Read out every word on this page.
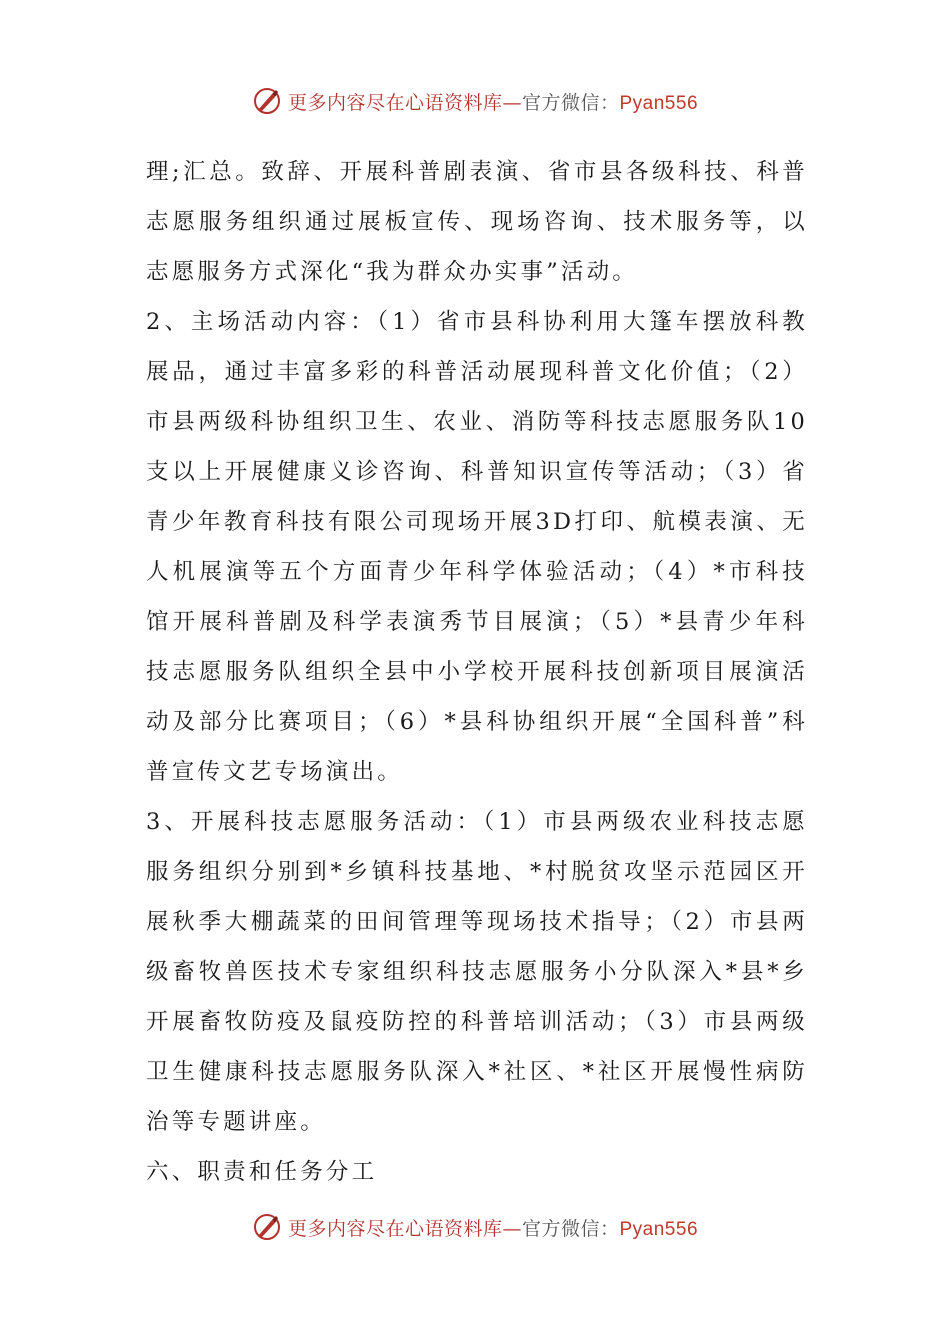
更多内容尽在心语资料库—官方微信：Pyan556

理;汇总。致辞、开展科普剧表演、省市县各级科技、科普志愿服务组织通过展板宣传、现场咨询、技术服务等，以志愿服务方式深化“我为群众办实事”活动。

2、主场活动内容：（1）省市县科协利用大篷车摆放科教展品，通过丰富多彩的科普活动展现科普文化价值；（2）市县两级科协组织卫生、农业、消防等科技志愿服务队10支以上开展健康义诊咨询、科普知识宣传等活动；（3）省青少年教育科技有限公司现场开展3D打印、航模表演、无人机展演等五个方面青少年科学体验活动；（4）*市科技馆开展科普剧及科学表演秀节目展演；（5）*县青少年科技志愿服务队组织全县中小学校开展科技创新项目展演活动及部分比赛项目；（6）*县科协组织开展“全国科普”科普宣传文艺专场演出。

3、开展科技志愿服务活动：（1）市县两级农业科技志愿服务组织分别到*乡镇科技基地、*村脱贫攻坚示范园区开展秋季大棚蔬菜的田间管理等现场技术指导；（2）市县两级畜牧兽医技术专家组织科技志愿服务小分队深入*县*乡开展畜牧防疫及鼠疫防控的科普培训活动；（3）市县两级卫生健康科技志愿服务队深入*社区、*社区开展慢性病防治等专题讲座。

六、职责和任务分工

更多内容尽在心语资料库—官方微信：Pyan556
